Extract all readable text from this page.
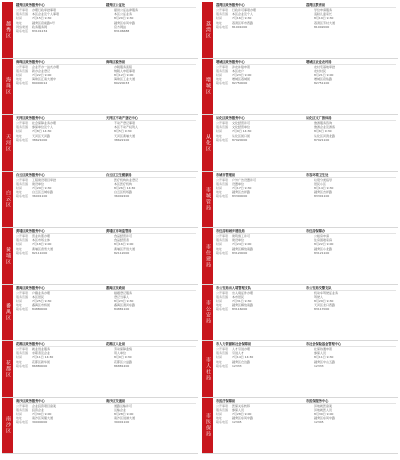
越秀区
越秀区政务服务中心	越秀区公证处
公开事项	办理行政审批事项	提供公证法律服务
服务范围	本区企业及个人事项	本区公证业务
时间	7月15日 9:30	8月20日 9:30
地址	越秀区府前路1号	越秀区东风中路
网络渠道	政务服务网	官方网站
联系电话	83101234	83106688
海珠区
海珠区政务服务中心	海珠区税务局
公开事项	企业开办一站式办理	办税服务流程
服务范围	新办企业登记	纳税人申报事项
时间	7月22日 9:00	8月12日 9:00
地址	海珠区江南大道中	海珠区工业大道
联系电话	89000012	89220033
天河区
天河区政务服务中心	天河区不动产登记中心
公开事项	社会保障业务办理	不动产登记事项
服务范围	参保单位及个人	本区不动产权利人
时间	7月8日 14:30	8月5日 9:30
地址	天河区天河路	天河区黄埔大道
联系电话	38621000	38622100
白云区
白云区政务服务中心	白云区卫生健康局
公开事项	工程建设项目审批	医疗机构执业登记
服务范围	建设单位	本区医疗机构
时间	7月29日 9:30	8月26日 14:30
地址	白云区云城东路	白云区机场路
联系电话	36001100	36002200
黄埔区
黄埔区政务服务中心	黄埔区市场监管局
公开事项	营业执照办理	食品经营许可
服务范围	本区市场主体	食品经营者
时间	7月18日 9:00	8月16日 9:00
地址	黄埔区香雪大道	黄埔区开创大道
联系电话	82111000	82112000
番禺区
番禺区政务服务中心	番禺区民政局
公开事项	户籍业务办理	婚姻登记服务
服务范围	本区居民	登记当事人
时间	7月25日 9:30	8月23日 9:30
地址	番禺区市桥街	番禺区清河东路
联系电话	84880000	84881100
花都区
花都区政务服务中心	花都区人社局
公开事项	就业创业服务	劳动保障监察
服务范围	求职者及企业	用人单位
时间	7月11日 14:30	8月9日 9:30
地址	花都区新华街	花都区公益路
联系电话	86880000	86881200
南沙区
南沙区政务服务中心	南沙区交通局
公开事项	企业投资项目备案	道路运输许可
服务范围	投资企业	运输企业
时间	7月30日 9:00	8月28日 9:00
地址	南沙区凤凰大道	南沙区进港大道
联系电话	39000000	39001100
荔湾区
荔湾区政务服务中心	荔湾区教育局
公开事项	行政许可事项办理	学位申请服务
服务范围	本区企业及个人	适龄儿童家长
时间	7月16日 9:30	8月19日 9:30
地址	荔湾区环市西路	荔湾区芳村大道
联系电话	81001000	81002000
增城区
增城区政务服务中心	增城区农业农村局
公开事项	涉农补贴申领	农村宅基地审批
服务范围	本区农户	农村村民
时间	7月23日 9:00	8月21日 9:00
地址	增城区荔城街	增城区府佑路
联系电话	82750000	82751100
从化区
从化区政务服务中心	从化区文广旅体局
公开事项	文化经营许可	旅游服务咨询
服务范围	文化经营单位	旅游企业及游客
时间	7月9日 14:30	8月6日 9:30
地址	从化区街口街	从化区河滨北路
联系电话	87920000	87921100
市城管局
市城市管理局	市容环境卫生处
公开事项	户外广告设置许可	垃圾分类指导
服务范围	设置单位	居民小区
时间	7月17日 9:30	8月14日 9:30
地址	越秀区吉祥路	越秀区吉祥路
联系电话	83300000	83301100
市住建局
市住房和城乡建设局	市住房保障办
公开事项	建筑施工许可	公租房申请
服务范围	建设单位	住房困难家庭
时间	7月24日 9:00	8月22日 9:00
地址	越秀区解放南路	越秀区小北路
联系电话	83120000	83121100
市公安局
市公安局出入境管理支队	市公安局交警支队
公开事项	出入境证件办理	机动车驾驶证业务
服务范围	本市居民	驾驶人
时间	7月31日 9:30	8月29日 9:30
地址	越秀区解放南路	天河区龙口西路
联系电话	83116000	83117000
市人社局
市人力资源和社会保障局	市社会保险基金管理中心
公开事项	人才引进办理	社保待遇申领
服务范围	引进人才	参保人员
时间	7月14日 14:30	8月11日 9:30
地址	越秀区仓边路	越秀区中山五路
联系电话	12333	12333
市医保局
市医疗保障局	市医保服务中心
公开事项	医保关系转移	异地就医备案
服务范围	参保人员	异地就医人员
时间	7月28日 9:00	8月30日 9:00
地址	越秀区东风中路	越秀区东风中路
联系电话	12345	12345
